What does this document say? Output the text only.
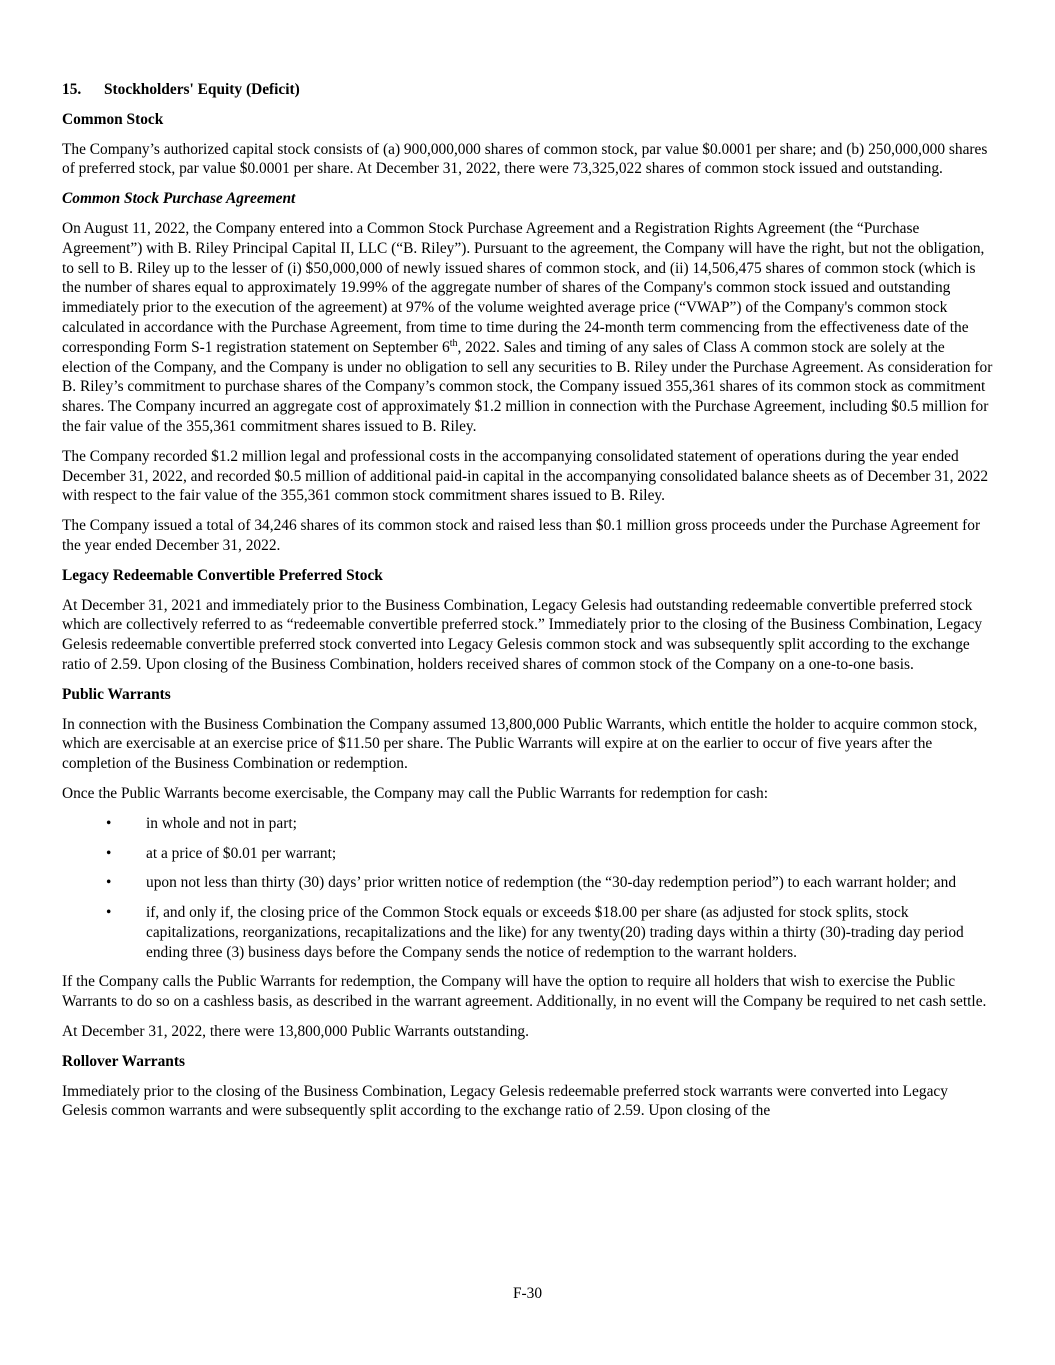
15. Stockholders' Equity (Deficit)
Common Stock

The Company’s authorized capital stock consists of (a) 900,000,000 shares of common stock, par value $0.0001 per share; and (b) 250,000,000 shares of preferred stock, par value $0.0001 per share. At December 31, 2022, there were 73,325,022 shares of common stock issued and outstanding.

Common Stock Purchase Agreement

On August 11, 2022, the Company entered into a Common Stock Purchase Agreement and a Registration Rights Agreement (the “Purchase Agreement”) with B. Riley Principal Capital II, LLC (“B. Riley”). Pursuant to the agreement, the Company will have the right, but not the obligation, to sell to B. Riley up to the lesser of (i) $50,000,000 of newly issued shares of common stock, and (ii) 14,506,475 shares of common stock (which is the number of shares equal to approximately 19.99% of the aggregate number of shares of the Company's common stock issued and outstanding immediately prior to the execution of the agreement) at 97% of the volume weighted average price (“VWAP”) of the Company's common stock calculated in accordance with the Purchase Agreement, from time to time during the 24-month term commencing from the effectiveness date of the corresponding Form S-1 registration statement on September 6th, 2022. Sales and timing of any sales of Class A common stock are solely at the election of the Company, and the Company is under no obligation to sell any securities to B. Riley under the Purchase Agreement. As consideration for B. Riley’s commitment to purchase shares of the Company’s common stock, the Company issued 355,361 shares of its common stock as commitment shares. The Company incurred an aggregate cost of approximately $1.2 million in connection with the Purchase Agreement, including $0.5 million for the fair value of the 355,361 commitment shares issued to B. Riley.

The Company recorded $1.2 million legal and professional costs in the accompanying consolidated statement of operations during the year ended December 31, 2022, and recorded $0.5 million of additional paid-in capital in the accompanying consolidated balance sheets as of December 31, 2022 with respect to the fair value of the 355,361 common stock commitment shares issued to B. Riley.

The Company issued a total of 34,246 shares of its common stock and raised less than $0.1 million gross proceeds under the Purchase Agreement for the year ended December 31, 2022.

Legacy Redeemable Convertible Preferred Stock

At December 31, 2021 and immediately prior to the Business Combination, Legacy Gelesis had outstanding redeemable convertible preferred stock which are collectively referred to as “redeemable convertible preferred stock.” Immediately prior to the closing of the Business Combination, Legacy Gelesis redeemable convertible preferred stock converted into Legacy Gelesis common stock and was subsequently split according to the exchange ratio of 2.59. Upon closing of the Business Combination, holders received shares of common stock of the Company on a one-to-one basis.

Public Warrants

In connection with the Business Combination the Company assumed 13,800,000 Public Warrants, which entitle the holder to acquire common stock, which are exercisable at an exercise price of $11.50 per share. The Public Warrants will expire at on the earlier to occur of five years after the completion of the Business Combination or redemption.

Once the Public Warrants become exercisable, the Company may call the Public Warrants for redemption for cash:

• in whole and not in part;
• at a price of $0.01 per warrant;
• upon not less than thirty (30) days’ prior written notice of redemption (the “30-day redemption period”) to each warrant holder; and
• if, and only if, the closing price of the Common Stock equals or exceeds $18.00 per share (as adjusted for stock splits, stock capitalizations, reorganizations, recapitalizations and the like) for any twenty(20) trading days within a thirty (30)-trading day period ending three (3) business days before the Company sends the notice of redemption to the warrant holders.

If the Company calls the Public Warrants for redemption, the Company will have the option to require all holders that wish to exercise the Public Warrants to do so on a cashless basis, as described in the warrant agreement. Additionally, in no event will the Company be required to net cash settle.

At December 31, 2022, there were 13,800,000 Public Warrants outstanding.

Rollover Warrants

Immediately prior to the closing of the Business Combination, Legacy Gelesis redeemable preferred stock warrants were converted into Legacy Gelesis common warrants and were subsequently split according to the exchange ratio of 2.59. Upon closing of the

F-30
